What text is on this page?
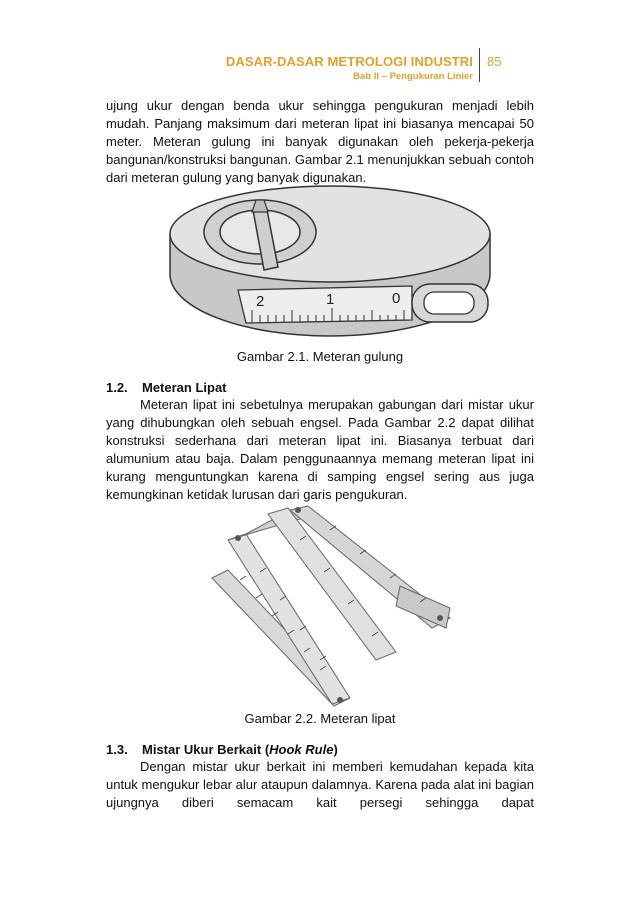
DASAR-DASAR METROLOGI INDUSTRI
Bab II – Pengukuran Linier
85

ujung ukur dengan benda ukur sehingga pengukuran menjadi lebih mudah. Panjang maksimum dari meteran lipat ini biasanya mencapai 50 meter. Meteran gulung ini banyak digunakan oleh pekerja-pekerja bangunan/konstruksi bangunan. Gambar 2.1 menunjukkan sebuah contoh dari meteran gulung yang banyak digunakan.

2	1	0
Gambar 2.1. Meteran gulung
1.2. Meteran Lipat

Meteran lipat ini sebetulnya merupakan gabungan dari mistar ukur yang dihubungkan oleh sebuah engsel. Pada Gambar 2.2 dapat dilihat konstruksi sederhana dari meteran lipat ini. Biasanya terbuat dari alumunium atau baja. Dalam penggunaannya memang meteran lipat ini kurang menguntungkan karena di samping engsel sering aus juga kemungkinan ketidak lurusan dari garis pengukuran.

Gambar 2.2. Meteran lipat
1.3. Mistar Ukur Berkait (Hook Rule)

Dengan mistar ukur berkait ini memberi kemudahan kepada kita untuk mengukur lebar alur ataupun dalamnya. Karena pada alat ini bagian ujungnya diberi semacam kait persegi sehingga dapat
